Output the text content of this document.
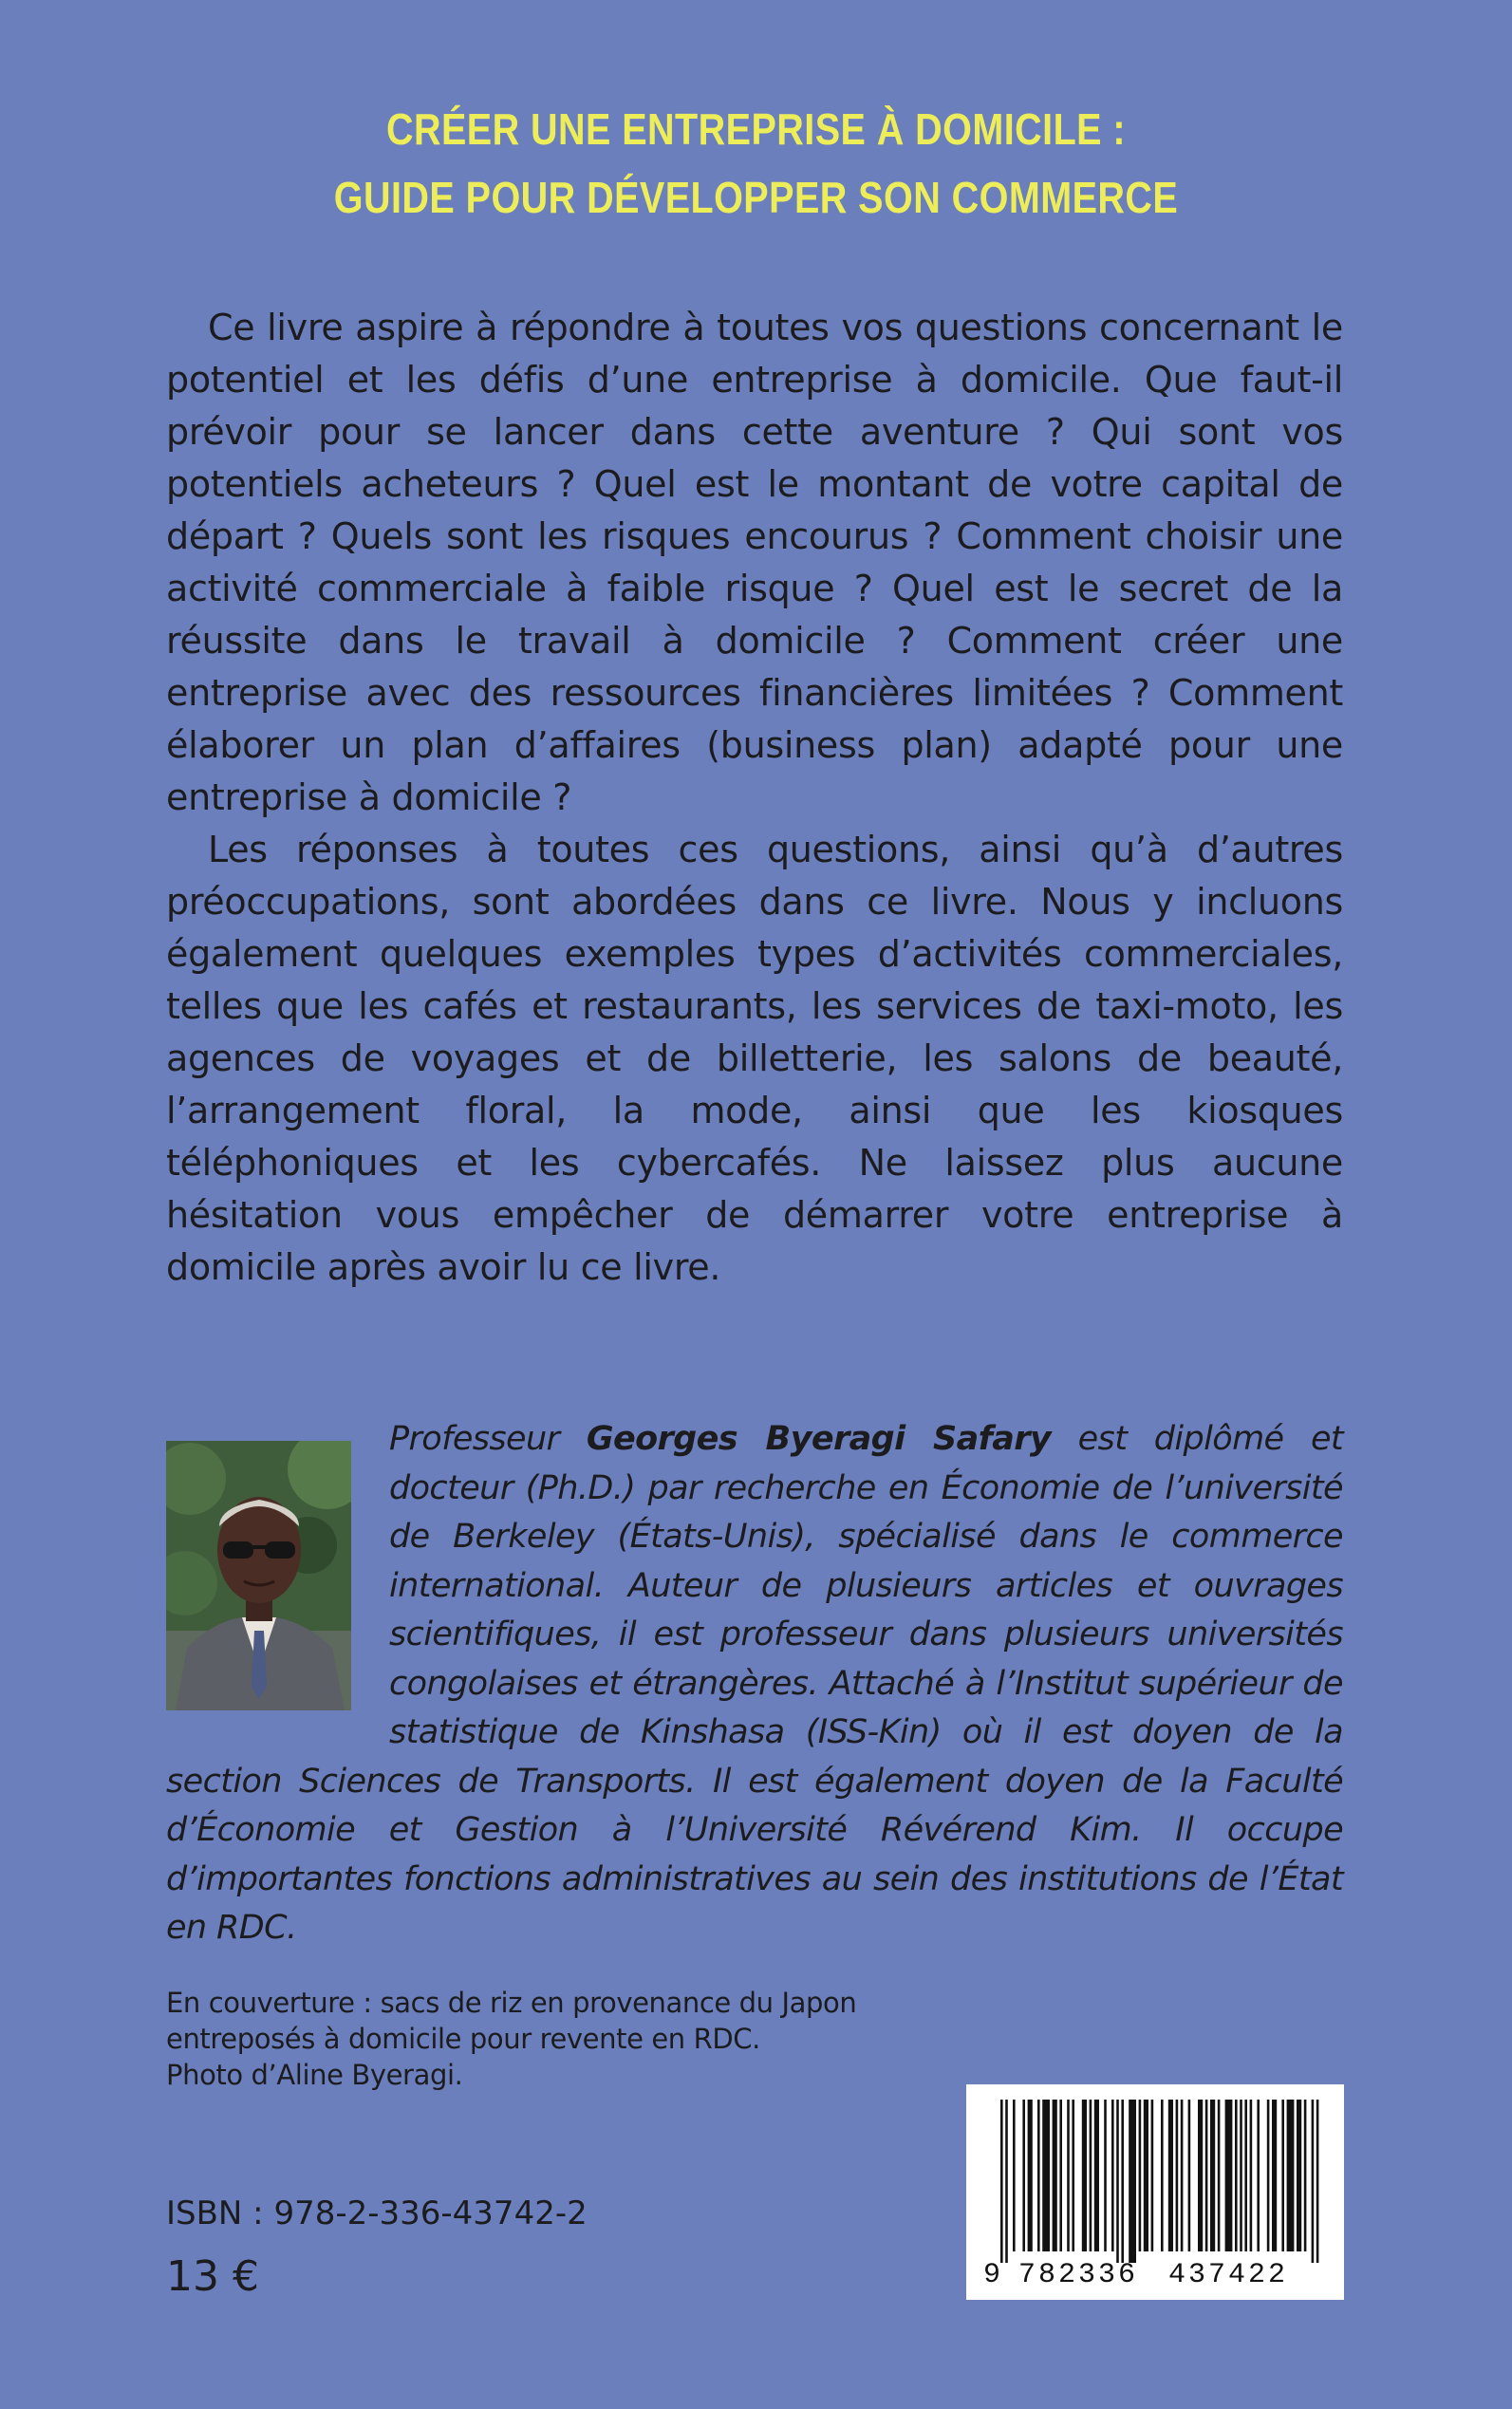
CRÉER UNE ENTREPRISE À DOMICILE :
GUIDE POUR DÉVELOPPER SON COMMERCE

Ce livre aspire à répondre à toutes vos questions concernant le potentiel et les défis d’une entreprise à domicile. Que faut-il prévoir pour se lancer dans cette aventure ? Qui sont vos potentiels acheteurs ? Quel est le montant de votre capital de départ ? Quels sont les risques encourus ? Comment choisir une activité commerciale à faible risque ? Quel est le secret de la réussite dans le travail à domicile ? Comment créer une entreprise avec des ressources financières limitées ? Comment élaborer un plan d’affaires (business plan) adapté pour une entreprise à domicile ?

Les réponses à toutes ces questions, ainsi qu’à d’autres préoccupations, sont abordées dans ce livre. Nous y incluons également quelques exemples types d’activités commerciales, telles que les cafés et restaurants, les services de taxi-moto, les agences de voyages et de billetterie, les salons de beauté, l’arrangement floral, la mode, ainsi que les kiosques téléphoniques et les cybercafés. Ne laissez plus aucune hésitation vous empêcher de démarrer votre entreprise à domicile après avoir lu ce livre.

Professeur Georges Byeragi Safary est diplômé et docteur (Ph.D.) par recherche en Économie de l’université de Berkeley (États-Unis), spécialisé dans le commerce international. Auteur de plusieurs articles et ouvrages scientifiques, il est professeur dans plusieurs universités congolaises et étrangères. Attaché à l’Institut supérieur de statistique de Kinshasa (ISS-Kin) où il est doyen de la section Sciences de Transports. Il est également doyen de la Faculté d’Économie et Gestion à l’Université Révérend Kim. Il occupe d’importantes fonctions administratives au sein des institutions de l’État en RDC.
En couverture : sacs de riz en provenance du Japon
entreposés à domicile pour revente en RDC.
Photo d’Aline Byeragi.
ISBN : 978-2-336-43742-2
13 €	9 782336 437422
